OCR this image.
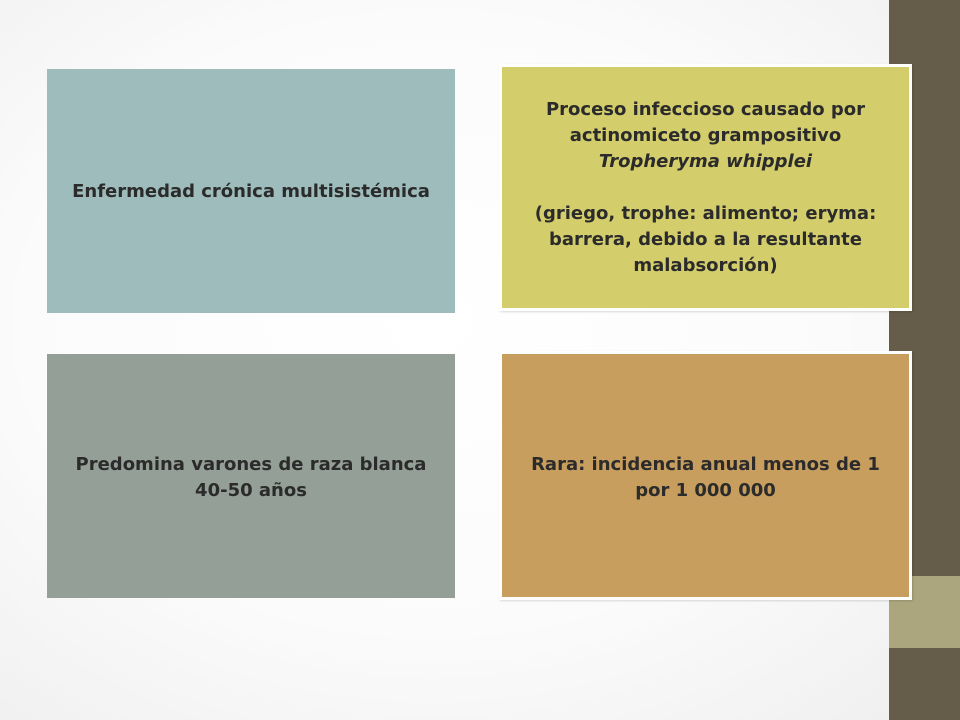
Enfermedad crónica multisistémica

Proceso infeccioso causado por actinomiceto grampositivo
Tropheryma whipplei

(griego, trophe: alimento; eryma: barrera, debido a la resultante malabsorción)

Predomina varones de raza blanca
40-50 años

Rara: incidencia anual menos de 1 por 1 000 000
